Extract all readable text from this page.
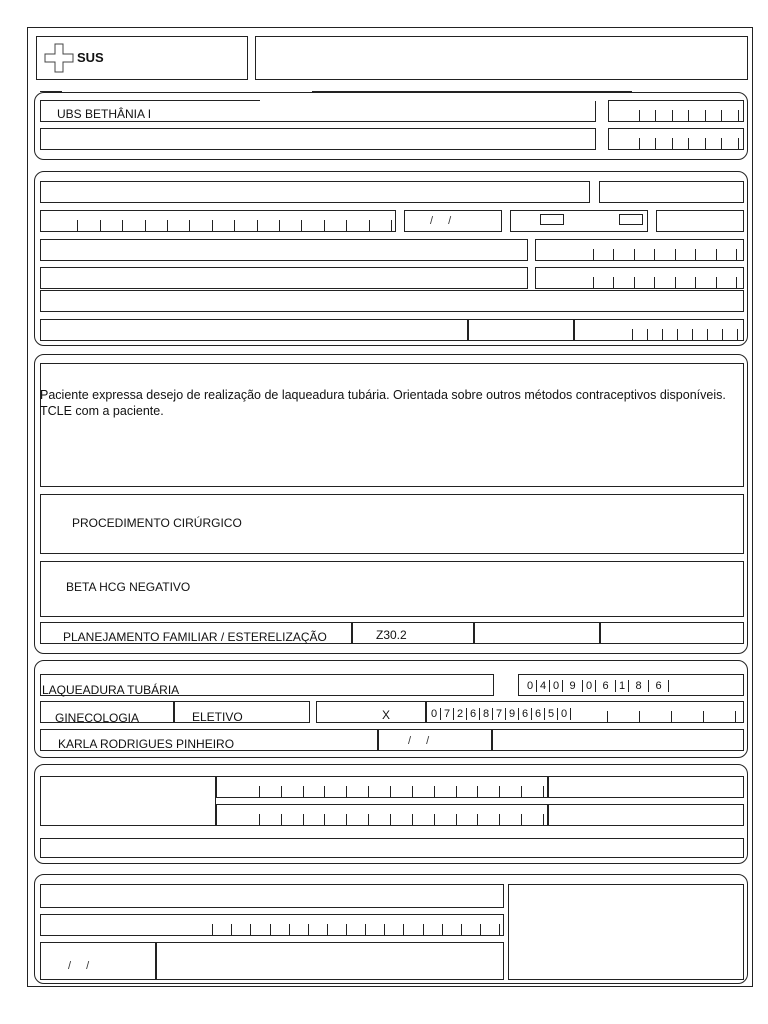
SUS
UBS BETHÂNIA I
/ /
Paciente expressa desejo de realização de laqueadura tubária. Orientada sobre outros métodos contraceptivos disponíveis. TCLE com a paciente.
PROCEDIMENTO CIRÚRGICO
BETA HCG NEGATIVO
PLANEJAMENTO FAMILIAR / ESTERELIZAÇÃO	Z30.2
LAQUEADURA TUBÁRIA	0 4 0 9 0 6 1 8	6
GINECOLOGIA	ELETIVO	X	0 7 2 6 8 7 9 6 6 5 0
KARLA RODRIGUES PINHEIRO	/ /
/ /
